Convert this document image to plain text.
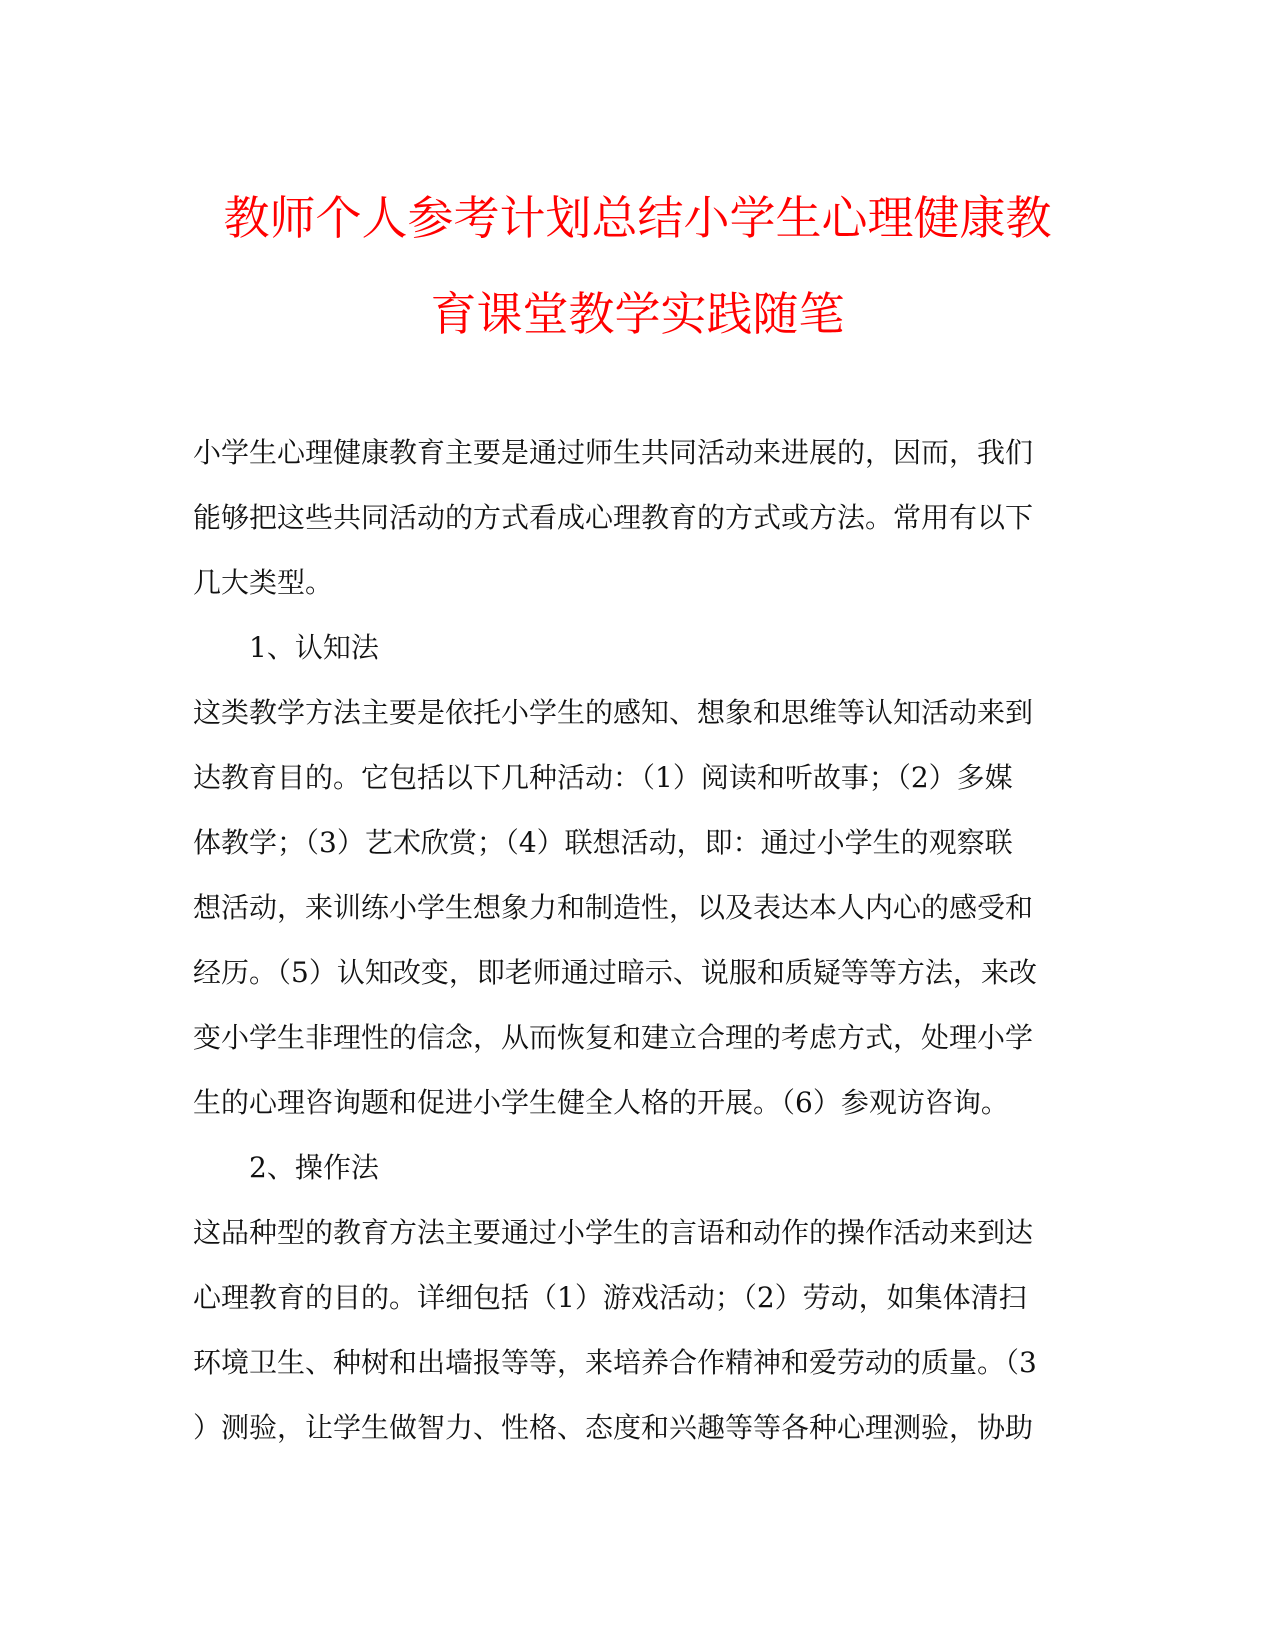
教师个人参考计划总结小学生心理健康教
育课堂教学实践随笔
小学生心理健康教育主要是通过师生共同活动来进展的，因而，我们
能够把这些共同活动的方式看成心理教育的方式或方法。常用有以下
几大类型。
1、认知法
这类教学方法主要是依托小学生的感知、想象和思维等认知活动来到
达教育目的。它包括以下几种活动：（1）阅读和听故事；（2）多媒
体教学；（3）艺术欣赏；（4）联想活动，即：通过小学生的观察联
想活动，来训练小学生想象力和制造性，以及表达本人内心的感受和
经历。（5）认知改变，即老师通过暗示、说服和质疑等等方法，来改
变小学生非理性的信念，从而恢复和建立合理的考虑方式，处理小学
生的心理咨询题和促进小学生健全人格的开展。（6）参观访咨询。
2、操作法
这品种型的教育方法主要通过小学生的言语和动作的操作活动来到达
心理教育的目的。详细包括（1）游戏活动；（2）劳动，如集体清扫
环境卫生、种树和出墙报等等，来培养合作精神和爱劳动的质量。（3
）测验，让学生做智力、性格、态度和兴趣等等各种心理测验，协助
